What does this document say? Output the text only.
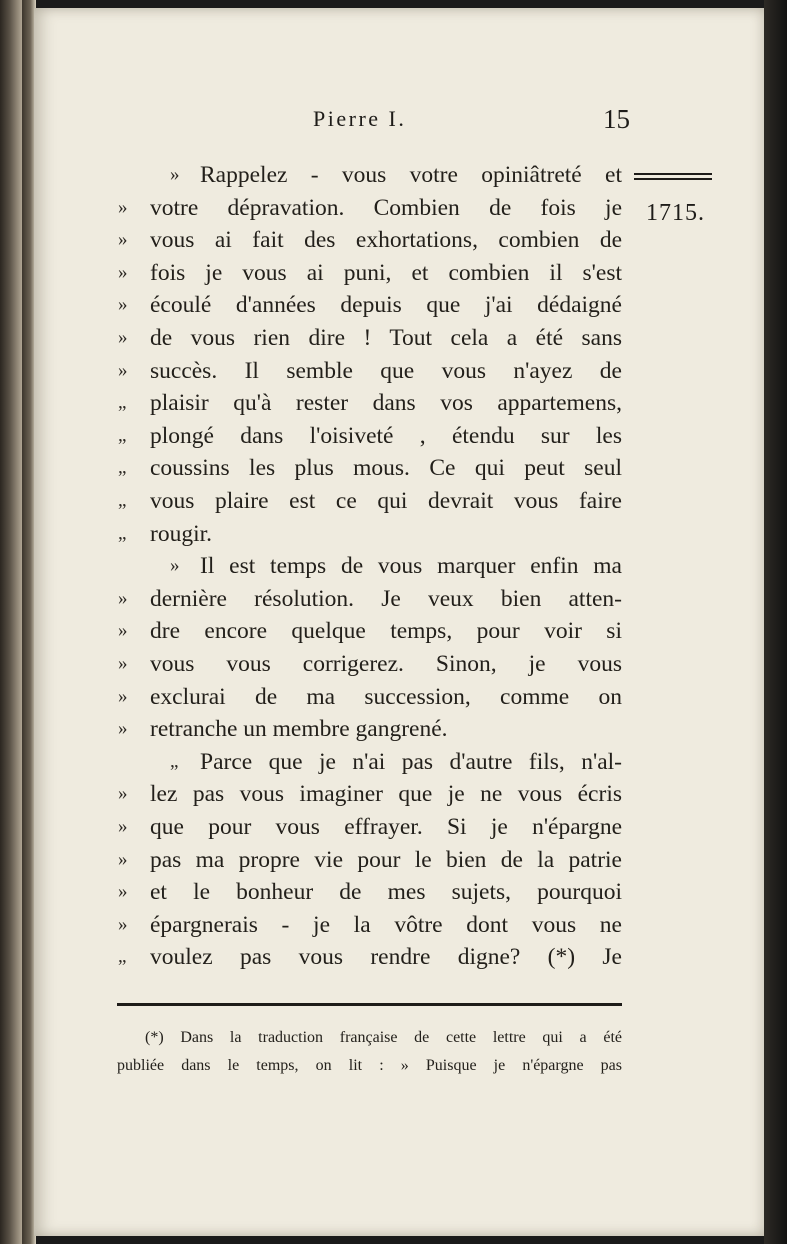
Pierre I.	15
1715.
» Rappelez - vous votre opiniâtreté et
» votre dépravation. Combien de fois je
» vous ai fait des exhortations, combien de
» fois je vous ai puni, et combien il s'est
» écoulé d'années depuis que j'ai dédaigné
» de vous rien dire ! Tout cela a été sans
» succès. Il semble que vous n'ayez de
„	plaisir qu'à rester dans vos appartemens,
„	plongé dans l'oisiveté , étendu sur les
„	coussins les plus mous. Ce qui peut seul
„	vous plaire est ce qui devrait vous faire
„	rougir.
» Il est temps de vous marquer enfin ma
» dernière résolution. Je veux bien atten-
» dre encore quelque temps, pour voir si
» vous vous corrigerez. Sinon, je vous
» exclurai de ma succession, comme on
» retranche un membre gangrené.
„ Parce que je n'ai pas d'autre fils, n'al-
» lez pas vous imaginer que je ne vous écris
» que pour vous effrayer. Si je n'épargne
» pas ma propre vie pour le bien de la patrie
» et le bonheur de mes sujets, pourquoi
» épargnerais - je la vôtre dont vous ne
„	voulez pas vous rendre digne? (*) Je
(*) Dans la traduction française de cette lettre qui a été
publiée dans le temps, on lit : » Puisque je n'épargne pas
